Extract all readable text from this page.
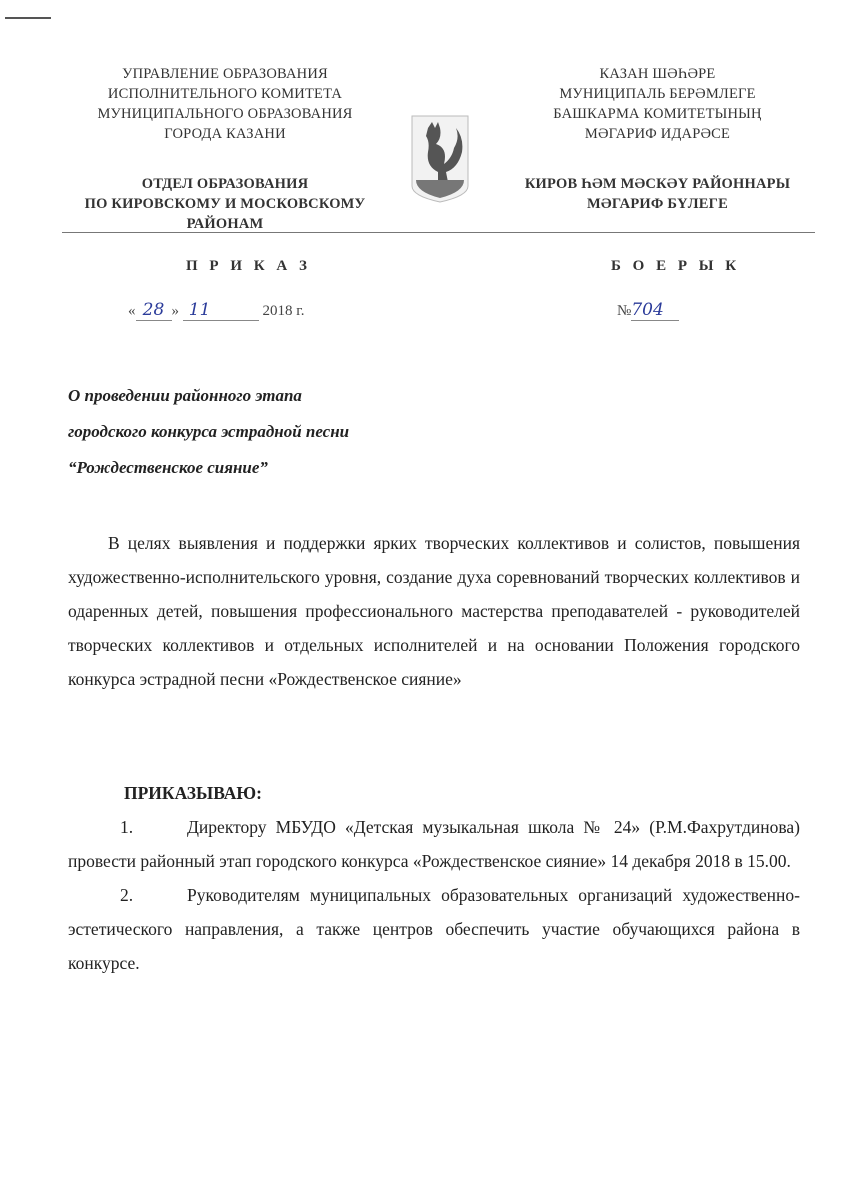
УПРАВЛЕНИЕ ОБРАЗОВАНИЯ
ИСПОЛНИТЕЛЬНОГО КОМИТЕТА
МУНИЦИПАЛЬНОГО ОБРАЗОВАНИЯ
ГОРОДА КАЗАНИ
ОТДЕЛ ОБРАЗОВАНИЯ
ПО КИРОВСКОМУ И МОСКОВСКОМУ
РАЙОНАМ
КАЗАН ШӘҺӘРЕ
МУНИЦИПАЛЬ БЕРӘМЛЕГЕ
БАШКАРМА КОМИТЕТЫНЫҢ
МӘГАРИФ ИДАРӘСЕ
КИРОВ ҺӘМ МӘСКӘҮ РАЙОННАРЫ
МӘГАРИФ БҮЛЕГЕ
П Р И К А З	Б О Е Р Ы К
« 28 » 11	2018 г.	№704
О проведении районного этапа
городского конкурса эстрадной песни
“Рождественское сияние”
В целях выявления и поддержки ярких творческих коллективов и солистов, повышения художественно-исполнительского уровня, создание духа соревнований творческих коллективов и одаренных детей, повышения профессионального мастерства преподавателей - руководителей творческих коллективов и отдельных исполнителей и на основании Положения городского конкурса эстрадной песни «Рождественское сияние»
ПРИКАЗЫВАЮ:
1.	Директору МБУДО «Детская музыкальная школа № 24» (Р.М.Фахрутдинова) провести районный этап городского конкурса «Рождественское сияние» 14 декабря 2018 в 15.00.
2.	Руководителям муниципальных образовательных организаций художественно-эстетического направления, а также центров обеспечить участие обучающихся района в конкурсе.
